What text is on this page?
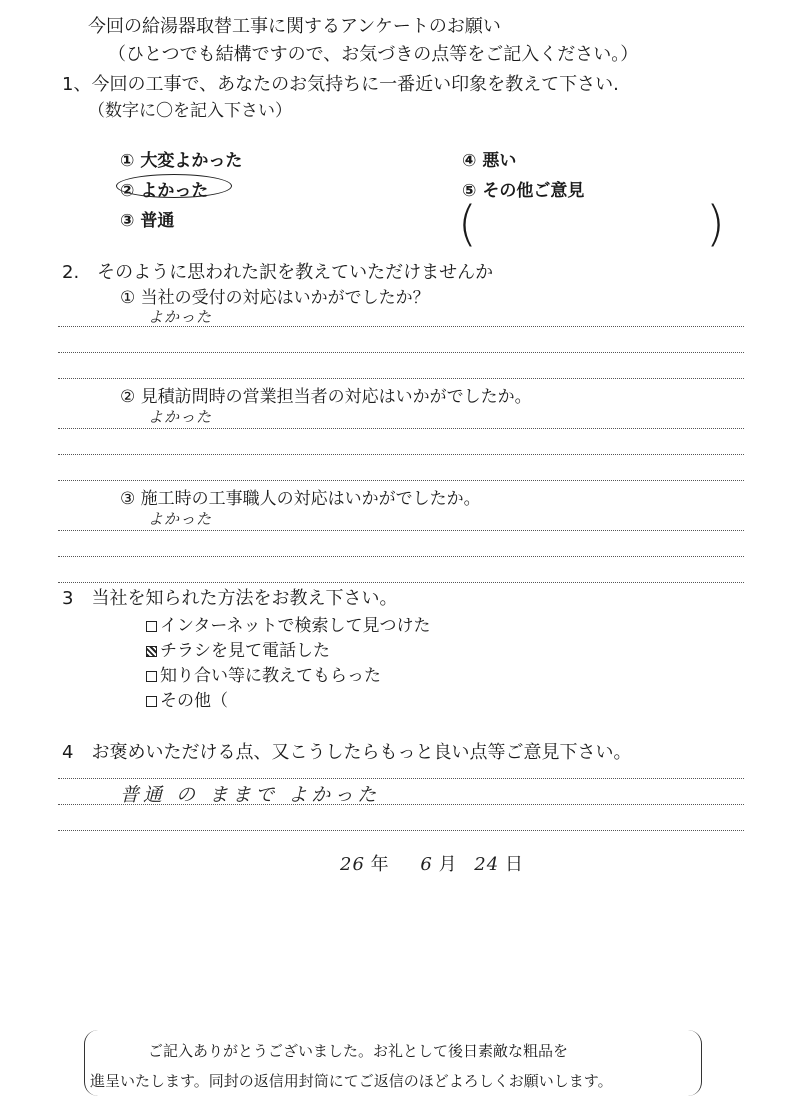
今回の給湯器取替工事に関するアンケートのお願い
（ひとつでも結構ですので、お気づきの点等をご記入ください。）
1、今回の工事で、あなたのお気持ちに一番近い印象を教えて下さい.
（数字に〇を記入下さい）
① 大変よかった
② よかった
③ 普通
④ 悪い
⑤ その他ご意見
(	)
2.　そのように思われた訳を教えていただけませんか
① 当社の受付の対応はいかがでしたか？
よかった
② 見積訪問時の営業担当者の対応はいかがでしたか。
よかった
③ 施工時の工事職人の対応はいかがでしたか。
よかった
3　当社を知られた方法をお教え下さい。
インターネットで検索して見つけた
チラシを見て電話した
知り合い等に教えてもらった
その他（
4　お褒めいただける点、又こうしたらもっと良い点等ご意見下さい。
普通 の ままで よかった
26 年 6 月 24 日
ご記入ありがとうございました。お礼として後日素敵な粗品を
進呈いたします。同封の返信用封筒にてご返信のほどよろしくお願いします。
